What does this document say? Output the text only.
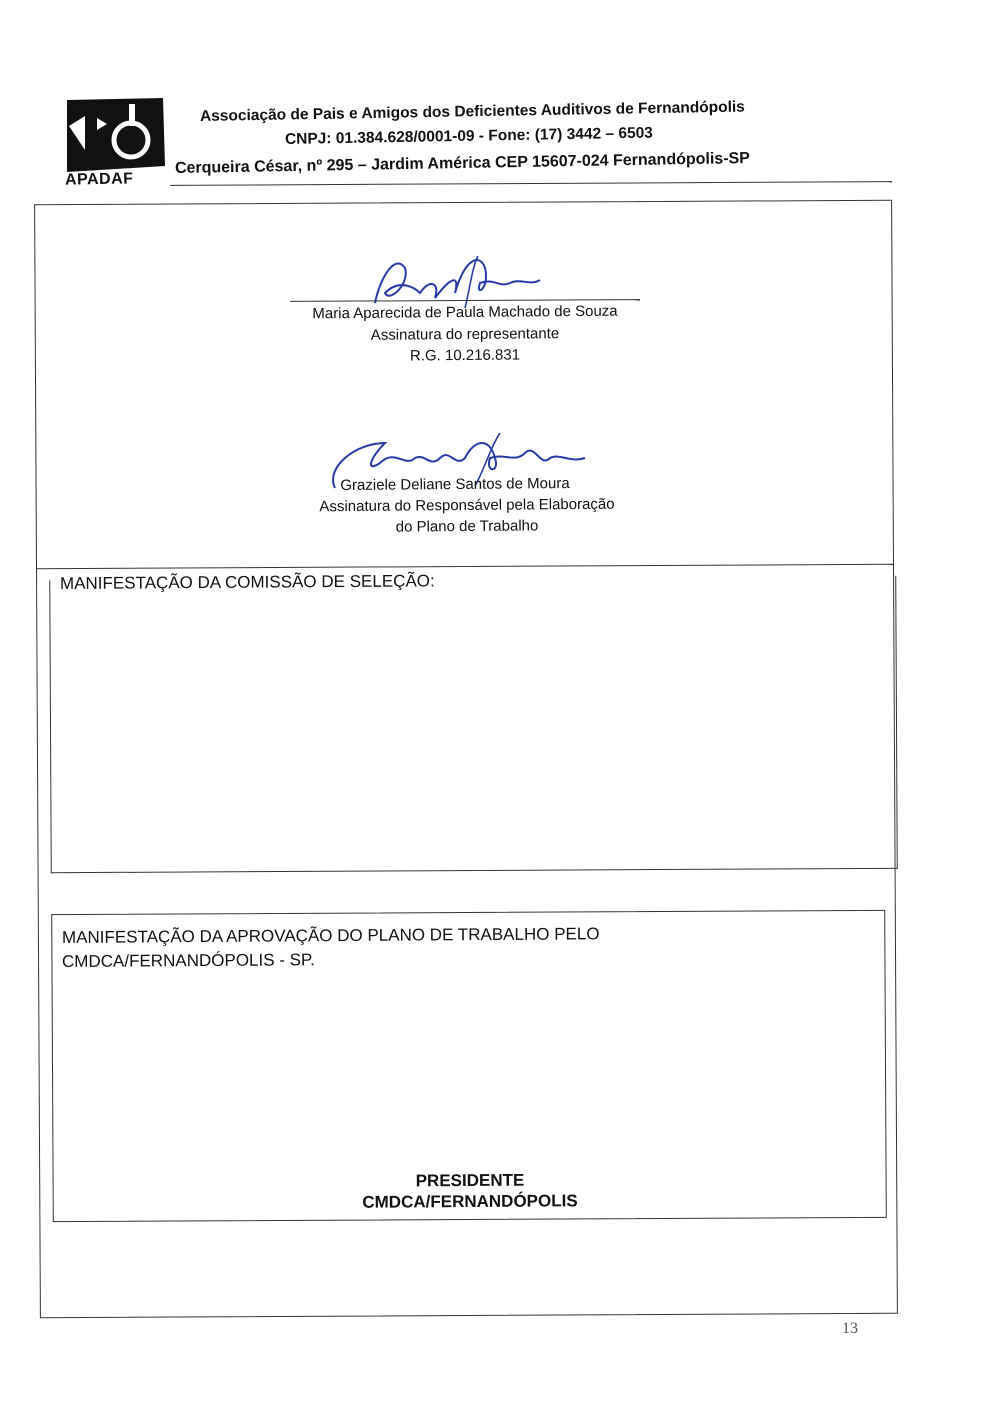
APADAF
Associação de Pais e Amigos dos Deficientes Auditivos de Fernandópolis
CNPJ: 01.384.628/0001-09 - Fone: (17) 3442 – 6503
Cerqueira César, nº 295 – Jardim América CEP 15607-024 Fernandópolis-SP
Maria Aparecida de Paula Machado de Souza
Assinatura do representante
R.G. 10.216.831
Graziele Deliane Santos de Moura
Assinatura do Responsável pela Elaboração
do Plano de Trabalho
MANIFESTAÇÃO DA COMISSÃO DE SELEÇÃO:
MANIFESTAÇÃO DA APROVAÇÃO DO PLANO DE TRABALHO PELO
CMDCA/FERNANDÓPOLIS - SP.
PRESIDENTE
CMDCA/FERNANDÓPOLIS
13
